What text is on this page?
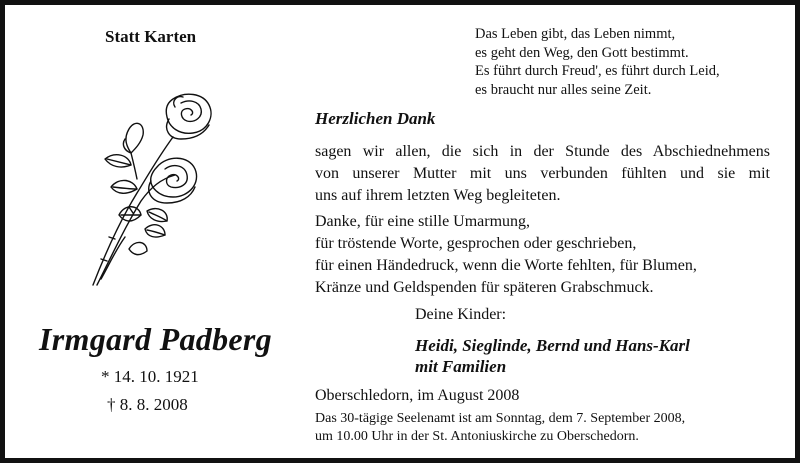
Statt Karten	Das Leben gibt, das Leben nimmt,
es geht den Weg, den Gott bestimmt.
Es führt durch Freud', es führt durch Leid,
es braucht nur alles seine Zeit.
Herzlichen Dank
sagen wir allen, die sich in der Stunde des Abschiednehmens
von unserer Mutter mit uns verbunden fühlten und sie mit
uns auf ihrem letzten Weg begleiteten.
Danke, für eine stille Umarmung,
für tröstende Worte, gesprochen oder geschrieben,
für einen Händedruck, wenn die Worte fehlten, für Blumen,
Kränze und Geldspenden für späteren Grabschmuck.
Irmgard Padberg
* 14. 10. 1921
† 8. 8. 2008
Deine Kinder:
Heidi, Sieglinde, Bernd und Hans-Karl
mit Familien
Oberschledorn, im August 2008
Das 30-tägige Seelenamt ist am Sonntag, dem 7. September 2008,
um 10.00 Uhr in der St. Antoniuskirche zu Oberschedorn.
